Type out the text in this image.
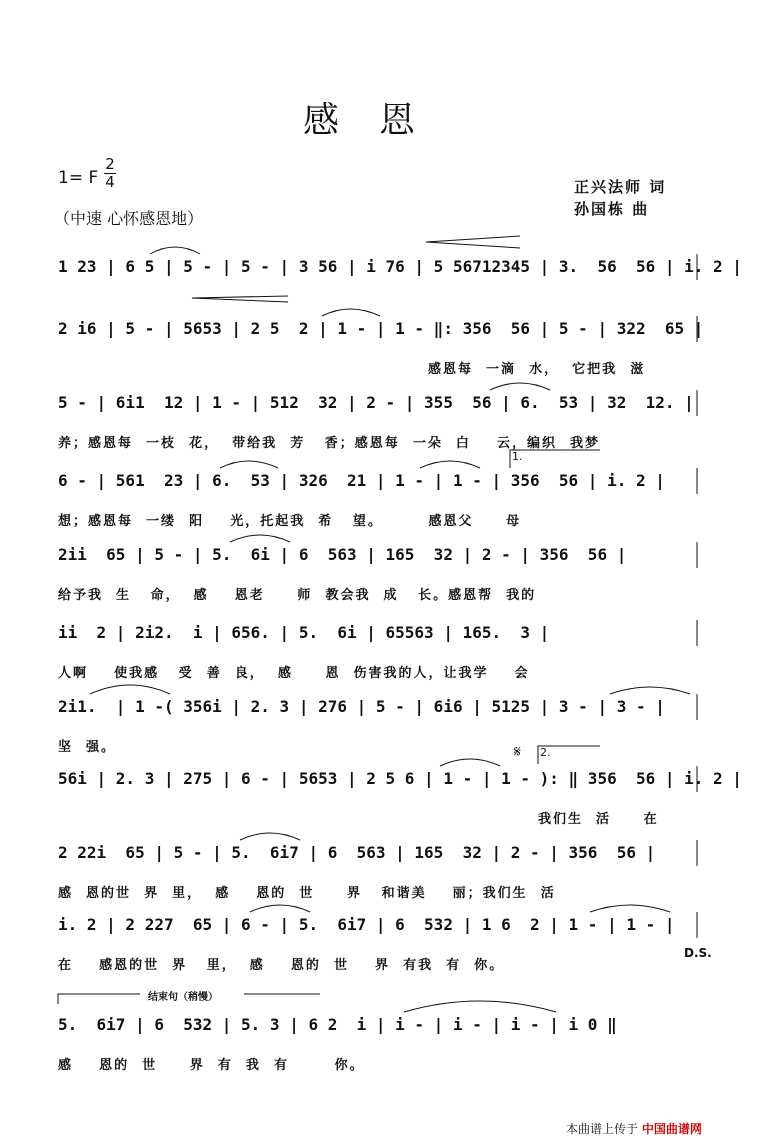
感恩
1= F
2
4
（中速 心怀感恩地）
正兴法师 词
孙国栋 曲
1 23 | 6 5 | 5 - | 5 - | 3 56 | i 76 | 5 56712345 | 3.  56  56 | i. 2 |
2 i6 | 5 - | 5653 | 2 5  2 | 1 - | 1 - ‖: 356  56 | 5 - | 322  65 |
感恩每  一滴  水，  它把我  滋
5 - | 6i1  12 | 1 - | 512  32 | 2 - | 355  56 | 6.  53 | 32  12. |
养；感恩每  一枝  花，  带给我  芳   香；感恩每  一朵  白    云，编织  我梦
6 - | 561  23 | 6.  53 | 326  21 | 1 - | 1 - | 356  56 | i. 2 |
想；感恩每  一缕  阳    光，托起我  希   望。       感恩父     母
2ii  65 | 5 - | 5.  6i | 6  563 | 165  32 | 2 - | 356  56 |
给予我  生   命，  感    恩老     师  教会我  成   长。感恩帮  我的
ii  2 | 2i2.  i | 656. | 5.  6i | 65563 | 165.  3 |
人啊    使我感   受  善  良，  感     恩  伤害我的人，让我学    会
2i1.  | 1 -( 356i | 2. 3 | 276 | 5 - | 6i6 | 5125 | 3 - | 3 - |
坚  强。
56i | 2. 3 | 275 | 6 - | 5653 | 2 5 6 | 1 - | 1 - ): ‖ 356  56 | i. 2 |
我们生  活     在
2 22i  65 | 5 - | 5.  6i7 | 6  563 | 165  32 | 2 - | 356  56 |
感  恩的世  界  里，  感    恩的  世     界   和谐美    丽；我们生  活
i. 2 | 2 227  65 | 6 - | 5.  6i7 | 6  532 | 1 6  2 | 1 - | 1 - |
在    感恩的世  界   里，  感    恩的  世    界  有我  有  你。
5.  6i7 | 6  532 | 5. 3 | 6 2  i | i - | i - | i - | i 0 ‖
感    恩的  世     界  有  我  有       你。
1.
2.
𝄋
D.S.
结束句（稍慢）
本曲谱上传于 中国曲谱网
